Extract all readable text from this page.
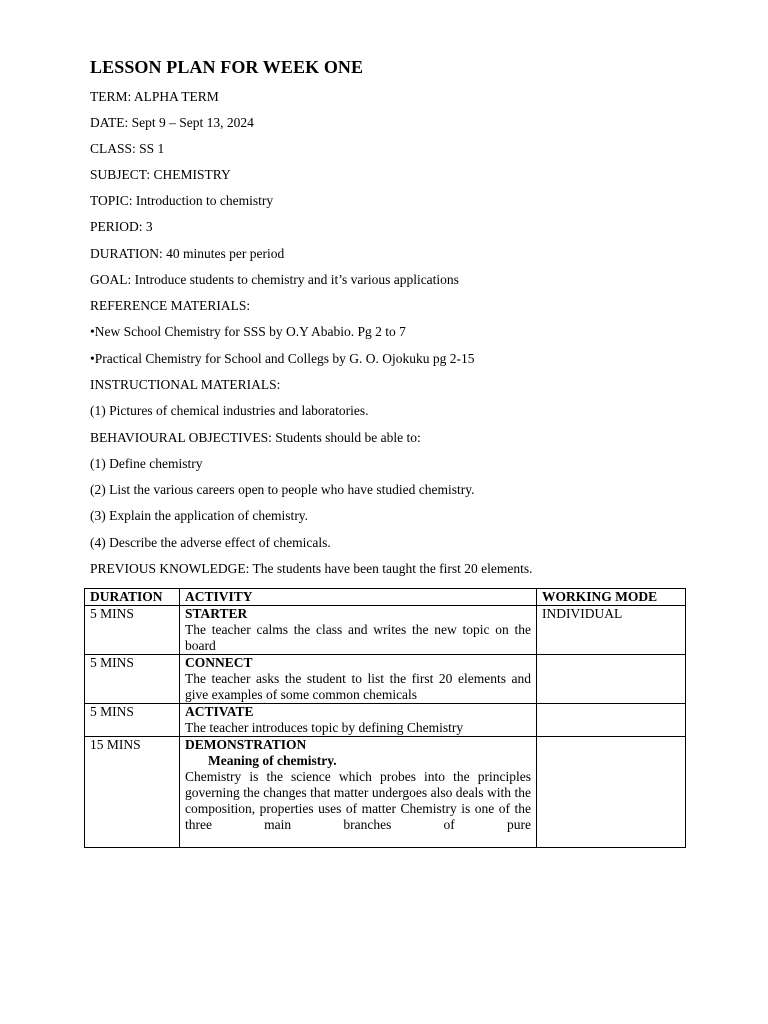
LESSON PLAN FOR WEEK ONE
TERM: ALPHA TERM
DATE: Sept 9 – Sept 13, 2024
CLASS: SS 1
SUBJECT: CHEMISTRY
TOPIC: Introduction to chemistry
PERIOD: 3
DURATION: 40 minutes per period
GOAL: Introduce students to chemistry and it’s various applications
REFERENCE MATERIALS:
•New School Chemistry for SSS by O.Y Ababio. Pg 2 to 7
•Practical Chemistry for School and Collegs by G. O. Ojokuku pg 2-15
INSTRUCTIONAL MATERIALS:
(1) Pictures of chemical industries and laboratories.
BEHAVIOURAL OBJECTIVES: Students should be able to:
(1) Define chemistry
(2) List the various careers open to people who have studied chemistry.
(3) Explain the application of chemistry.
(4) Describe the adverse effect of chemicals.
PREVIOUS KNOWLEDGE: The students have been taught the first 20 elements.
DURATION	ACTIVITY	WORKING MODE
5 MINS	STARTER
The teacher calms the class and writes the new topic on the board	INDIVIDUAL
5 MINS	CONNECT
The teacher asks the student to list the first 20 elements and give examples of some common chemicals	

5 MINS	ACTIVATE
The teacher introduces topic by defining Chemistry	

15 MINS	DEMONSTRATION
Meaning of chemistry.
Chemistry is the science which probes into the principles governing the changes that matter undergoes also deals with the composition, properties uses of matter Chemistry is one of the three main branches of pure	
